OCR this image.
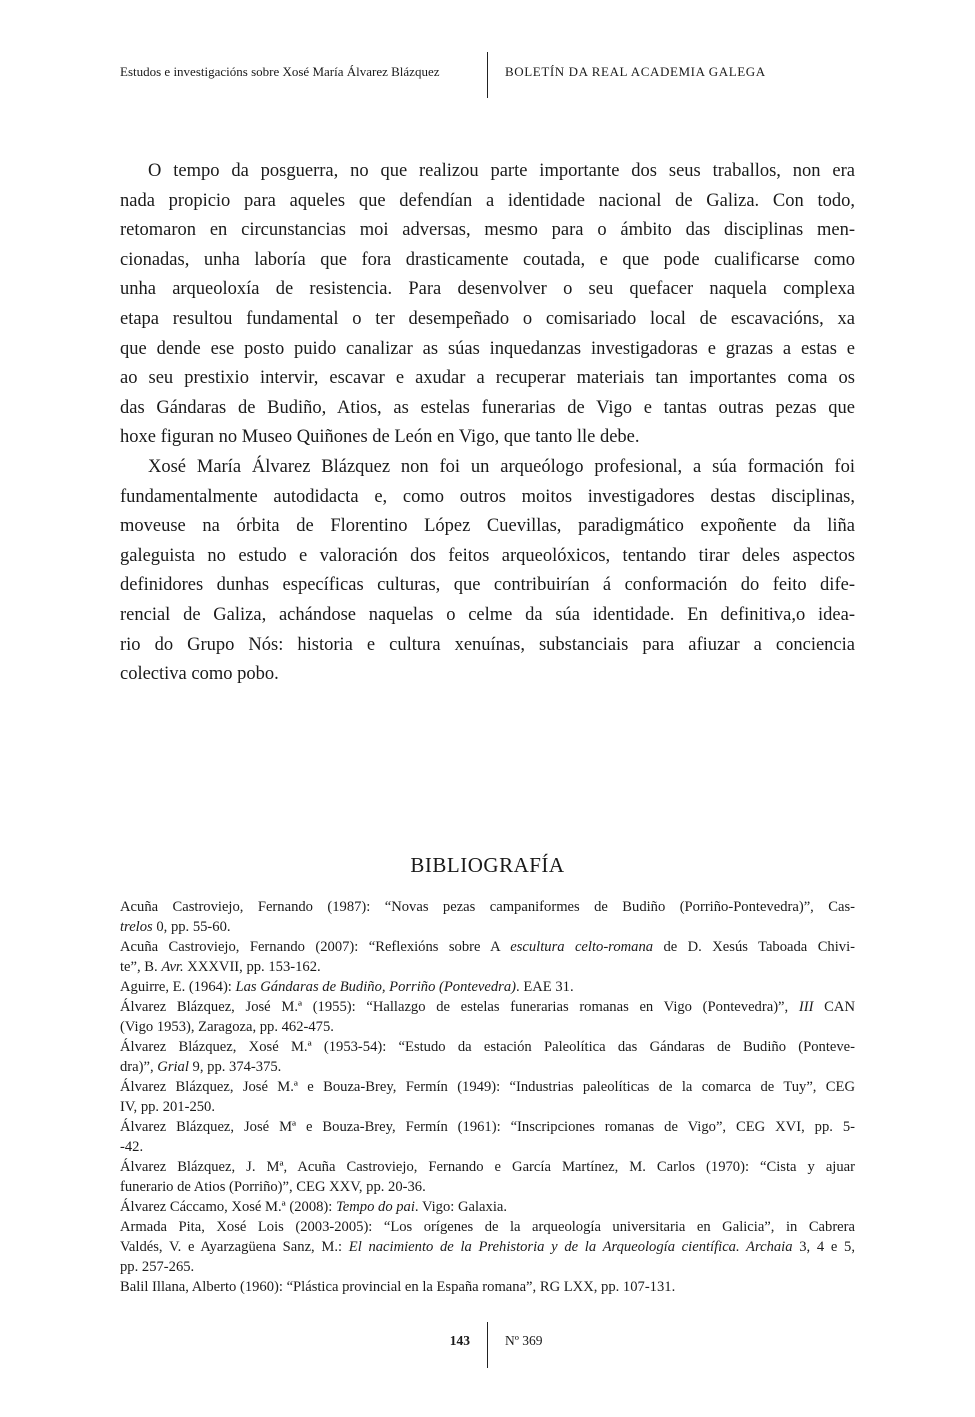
Estudos e investigacións sobre Xosé María Álvarez Blázquez	BOLETÍN DA REAL ACADEMIA GALEGA
O tempo da posguerra, no que realizou parte importante dos seus traballos, non era
nada propicio para aqueles que defendían a identidade nacional de Galiza. Con todo,
retomaron en circunstancias moi adversas, mesmo para o ámbito das disciplinas men-
cionadas, unha laboría que fora drasticamente coutada, e que pode cualificarse como
unha arqueoloxía de resistencia. Para desenvolver o seu quefacer naquela complexa
etapa resultou fundamental o ter desempeñado o comisariado local de escavacións, xa
que dende ese posto puido canalizar as súas inquedanzas investigadoras e grazas a estas e
ao seu prestixio intervir, escavar e axudar a recuperar materiais tan importantes coma os
das Gándaras de Budiño, Atios, as estelas funerarias de Vigo e tantas outras pezas que
hoxe figuran no Museo Quiñones de León en Vigo, que tanto lle debe.
Xosé María Álvarez Blázquez non foi un arqueólogo profesional, a súa formación foi
fundamentalmente autodidacta e, como outros moitos investigadores destas disciplinas,
moveuse na órbita de Florentino López Cuevillas, paradigmático expoñente da liña
galeguista no estudo e valoración dos feitos arqueolóxicos, tentando tirar deles aspectos
definidores dunhas específicas culturas, que contribuirían á conformación do feito dife-
rencial de Galiza, achándose naquelas o celme da súa identidade. En definitiva,o idea-
rio do Grupo Nós: historia e cultura xenuínas, substanciais para afiuzar a conciencia
colectiva como pobo.
BIBLIOGRAFÍA
Acuña Castroviejo, Fernando (1987): “Novas pezas campaniformes de Budiño (Porriño-Pontevedra)”, Cas-
trelos 0, pp. 55-60.
Acuña Castroviejo, Fernando (2007): “Reflexións sobre A escultura celto-romana de D. Xesús Taboada Chivi-
te”, B. Avr. XXXVII, pp. 153-162.
Aguirre, E. (1964): Las Gándaras de Budiño, Porriño (Pontevedra). EAE 31.
Álvarez Blázquez, José M.ª (1955): “Hallazgo de estelas funerarias romanas en Vigo (Pontevedra)”, III CAN
(Vigo 1953), Zaragoza, pp. 462-475.
Álvarez Blázquez, Xosé M.ª (1953-54): “Estudo da estación Paleolítica das Gándaras de Budiño (Ponteve-
dra)”, Grial 9, pp. 374-375.
Álvarez Blázquez, José M.ª e Bouza-Brey, Fermín (1949): “Industrias paleolíticas de la comarca de Tuy”, CEG
IV, pp. 201-250.
Álvarez Blázquez, José Mª e Bouza-Brey, Fermín (1961): “Inscripciones romanas de Vigo”, CEG XVI, pp. 5-
-42.
Álvarez Blázquez, J. Mª, Acuña Castroviejo, Fernando e García Martínez, M. Carlos (1970): “Cista y ajuar
funerario de Atios (Porriño)”, CEG XXV, pp. 20-36.
Álvarez Cáccamo, Xosé M.ª (2008): Tempo do pai. Vigo: Galaxia.
Armada Pita, Xosé Lois (2003-2005): “Los orígenes de la arqueología universitaria en Galicia”, in Cabrera
Valdés, V. e Ayarzagüena Sanz, M.: El nacimiento de la Prehistoria y de la Arqueología científica. Archaia 3, 4 e 5,
pp. 257-265.
Balil Illana, Alberto (1960): “Plástica provincial en la España romana”, RG LXX, pp. 107-131.
143	Nº 369
